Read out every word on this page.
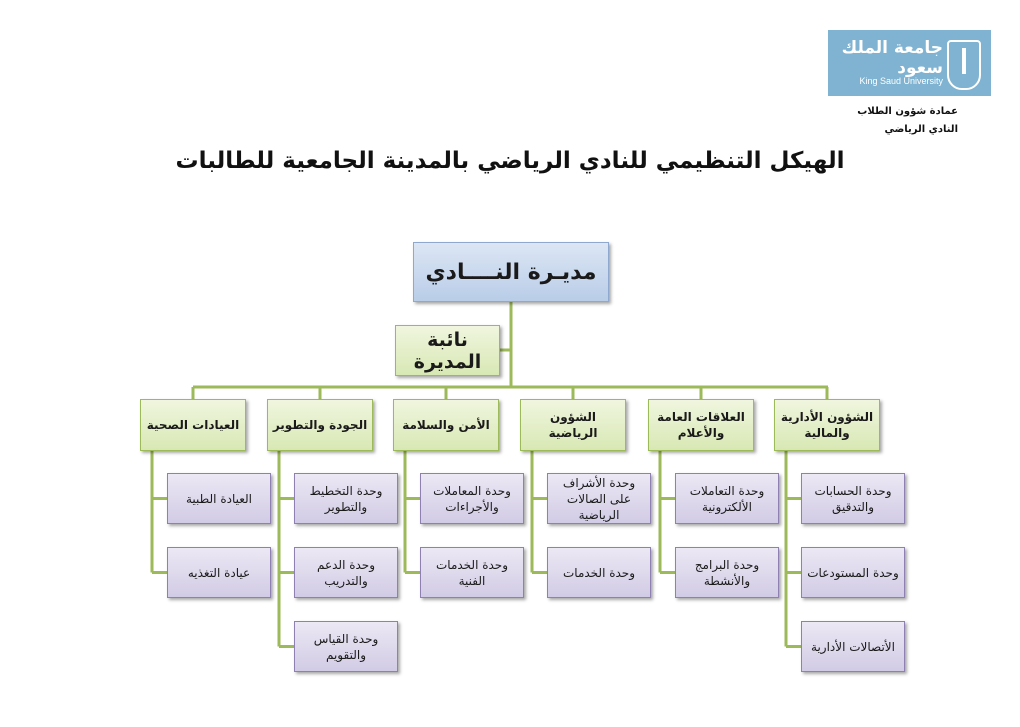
جامعة الملك سعود
King Saud University
عمادة شؤون الطلاب
النادي الرياضي
الهيكل التنظيمي للنادي الرياضي بالمدينة الجامعية للطالبات
مديـرة النــــادي
نائبة المديرة
الشؤون الأدارية والمالية
وحدة الحسابات والتدقيق
وحدة المستودعات
الأتصالات الأدارية
العلاقات العامة والأعلام
وحدة التعاملات الألكترونية
وحدة البرامج والأنشطة
الشؤون الرياضية
وحدة الأشراف على الصالات الرياضية
وحدة الخدمات
الأمن والسلامة
وحدة المعاملات والأجراءات
وحدة الخدمات الفنية
الجودة والتطوير
وحدة التخطيط والتطوير
وحدة الدعم والتدريب
وحدة القياس والتقويم
العيادات الصحية
العيادة الطبية
عيادة التغذيه
